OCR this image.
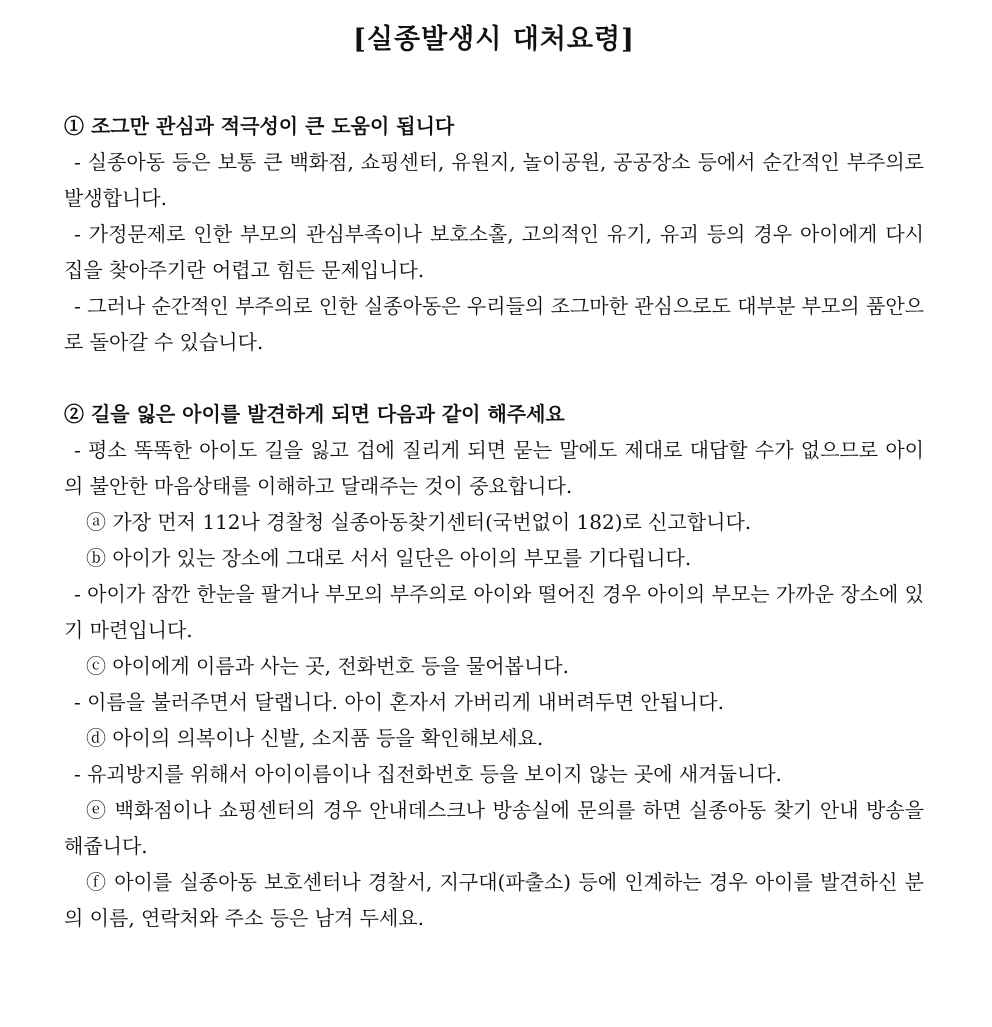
[실종발생시 대처요령]

① 조그만 관심과 적극성이 큰 도움이 됩니다

- 실종아동 등은 보통 큰 백화점, 쇼핑센터, 유원지, 놀이공원, 공공장소 등에서 순간적인 부주의로 발생합니다.

- 가정문제로 인한 부모의 관심부족이나 보호소홀, 고의적인 유기, 유괴 등의 경우 아이에게 다시 집을 찾아주기란 어렵고 힘든 문제입니다.

- 그러나 순간적인 부주의로 인한 실종아동은 우리들의 조그마한 관심으로도 대부분 부모의 품안으로 돌아갈 수 있습니다.

② 길을 잃은 아이를 발견하게 되면 다음과 같이 해주세요

- 평소 똑똑한 아이도 길을 잃고 겁에 질리게 되면 묻는 말에도 제대로 대답할 수가 없으므로 아이의 불안한 마음상태를 이해하고 달래주는 것이 중요합니다.

ⓐ 가장 먼저 112나 경찰청 실종아동찾기센터(국번없이 182)로 신고합니다.

ⓑ 아이가 있는 장소에 그대로 서서 일단은 아이의 부모를 기다립니다.

- 아이가 잠깐 한눈을 팔거나 부모의 부주의로 아이와 떨어진 경우 아이의 부모는 가까운 장소에 있기 마련입니다.

ⓒ 아이에게 이름과 사는 곳, 전화번호 등을 물어봅니다.

- 이름을 불러주면서 달랩니다. 아이 혼자서 가버리게 내버려두면 안됩니다.

ⓓ 아이의 의복이나 신발, 소지품 등을 확인해보세요.

- 유괴방지를 위해서 아이이름이나 집전화번호 등을 보이지 않는 곳에 새겨둡니다.

ⓔ 백화점이나 쇼핑센터의 경우 안내데스크나 방송실에 문의를 하면 실종아동 찾기 안내 방송을 해줍니다.

ⓕ 아이를 실종아동 보호센터나 경찰서, 지구대(파출소) 등에 인계하는 경우 아이를 발견하신 분의 이름, 연락처와 주소 등은 남겨 두세요.
